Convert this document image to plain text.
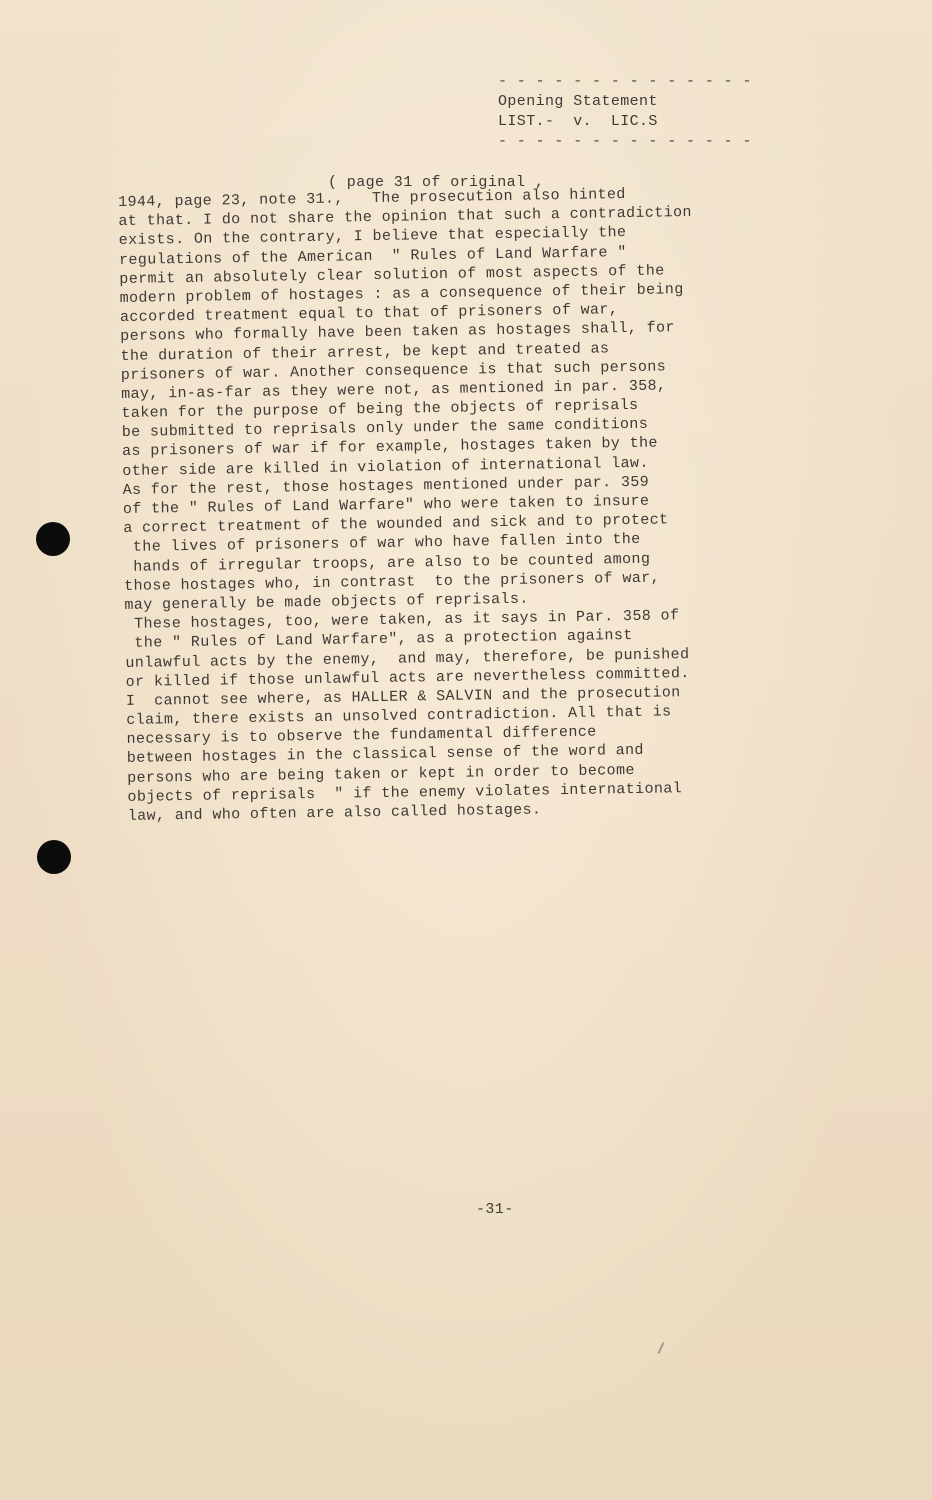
- - - - - - - - - - - - - -
Opening Statement
LIST.-  v.  LIC.S
- - - - - - - - - - - - - -
( page 31 of original ,
1944, page 23, note 31.,   The prosecution also hinted
at that. I do not share the opinion that such a contradiction
exists. On the contrary, I believe that especially the
regulations of the American  " Rules of Land Warfare "
permit an absolutely clear solution of most aspects of the
modern problem of hostages : as a consequence of their being
accorded treatment equal to that of prisoners of war,
persons who formally have been taken as hostages shall, for
the duration of their arrest, be kept and treated as
prisoners of war. Another consequence is that such persons
may, in-as-far as they were not, as mentioned in par. 358,
taken for the purpose of being the objects of reprisals
be submitted to reprisals only under the same conditions
as prisoners of war if for example, hostages taken by the
other side are killed in violation of international law.
As for the rest, those hostages mentioned under par. 359
of the " Rules of Land Warfare" who were taken to insure
a correct treatment of the wounded and sick and to protect
the lives of prisoners of war who have fallen into the
hands of irregular troops, are also to be counted among
those hostages who, in contrast  to the prisoners of war,
may generally be made objects of reprisals.
These hostages, too, were taken, as it says in Par. 358 of
the " Rules of Land Warfare", as a protection against
unlawful acts by the enemy,  and may, therefore, be punished
or killed if those unlawful acts are nevertheless committed.
I  cannot see where, as HALLER & SALVIN and the prosecution
claim, there exists an unsolved contradiction. All that is
necessary is to observe the fundamental difference
between hostages in the classical sense of the word and
persons who are being taken or kept in order to become
objects of reprisals  " if the enemy violates international
law, and who often are also called hostages.
-31-
